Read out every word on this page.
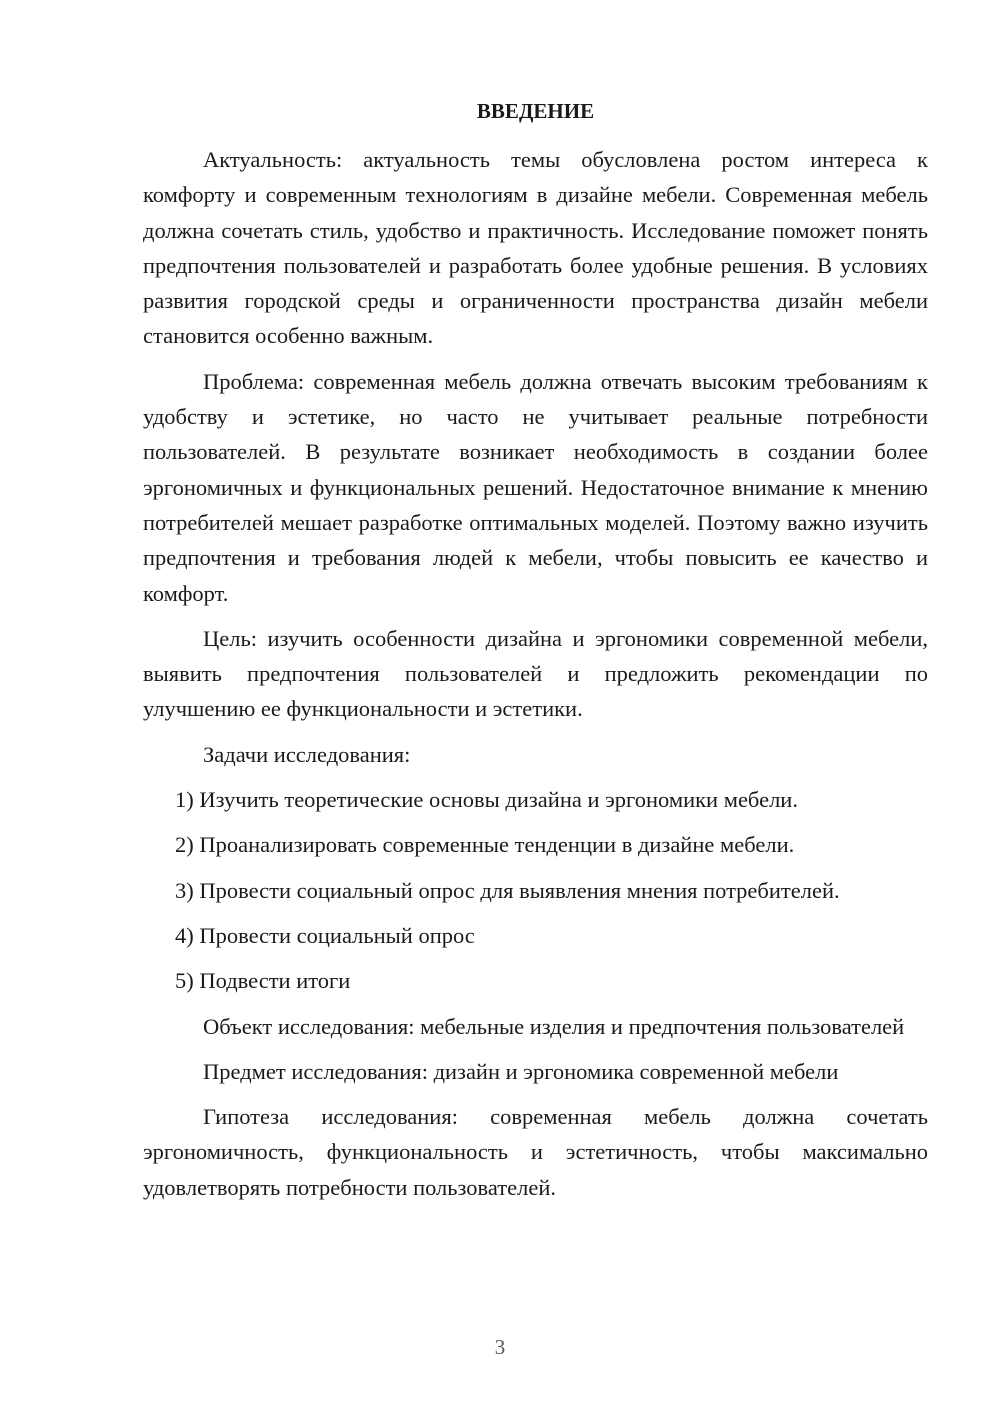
ВВЕДЕНИЕ

Актуальность: актуальность темы обусловлена ростом интереса к комфорту и современным технологиям в дизайне мебели. Современная мебель должна сочетать стиль, удобство и практичность. Исследование поможет понять предпочтения пользователей и разработать более удобные решения. В условиях развития городской среды и ограниченности пространства дизайн мебели становится особенно важным.

Проблема: современная мебель должна отвечать высоким требованиям к удобству и эстетике, но часто не учитывает реальные потребности пользователей. В результате возникает необходимость в создании более эргономичных и функциональных решений. Недостаточное внимание к мнению потребителей мешает разработке оптимальных моделей. Поэтому важно изучить предпочтения и требования людей к мебели, чтобы повысить ее качество и комфорт.

Цель: изучить особенности дизайна и эргономики современной мебели, выявить предпочтения пользователей и предложить рекомендации по улучшению ее функциональности и эстетики.

Задачи исследования:

1) Изучить теоретические основы дизайна и эргономики мебели.

2) Проанализировать современные тенденции в дизайне мебели.

3) Провести социальный опрос для выявления мнения потребителей.

4) Провести социальный опрос

5) Подвести итоги

Объект исследования: мебельные изделия и предпочтения пользователей

Предмет исследования: дизайн и эргономика современной мебели

Гипотеза исследования: современная мебель должна сочетать эргономичность, функциональность и эстетичность, чтобы максимально удовлетворять потребности пользователей.

3
